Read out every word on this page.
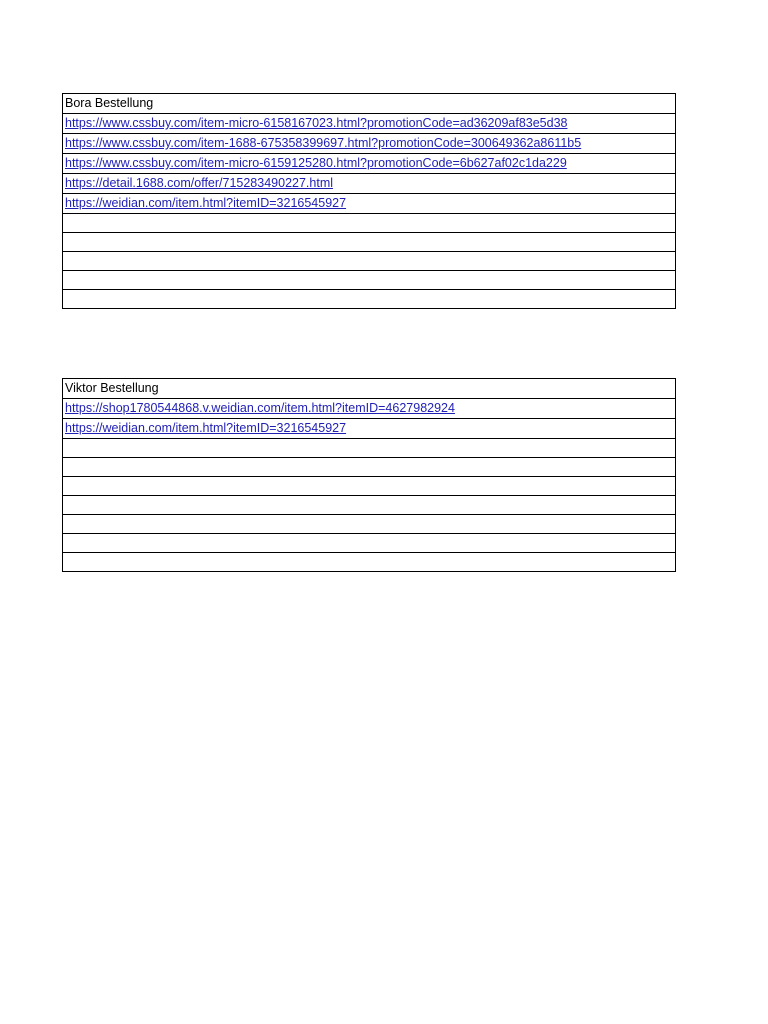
Bora Bestellung
https://www.cssbuy.com/item-micro-6158167023.html?promotionCode=ad36209af83e5d38
https://www.cssbuy.com/item-1688-675358399697.html?promotionCode=300649362a8611b5
https://www.cssbuy.com/item-micro-6159125280.html?promotionCode=6b627af02c1da229
https://detail.1688.com/offer/715283490227.html
https://weidian.com/item.html?itemID=3216545927

Viktor Bestellung
https://shop1780544868.v.weidian.com/item.html?itemID=4627982924
https://weidian.com/item.html?itemID=3216545927
